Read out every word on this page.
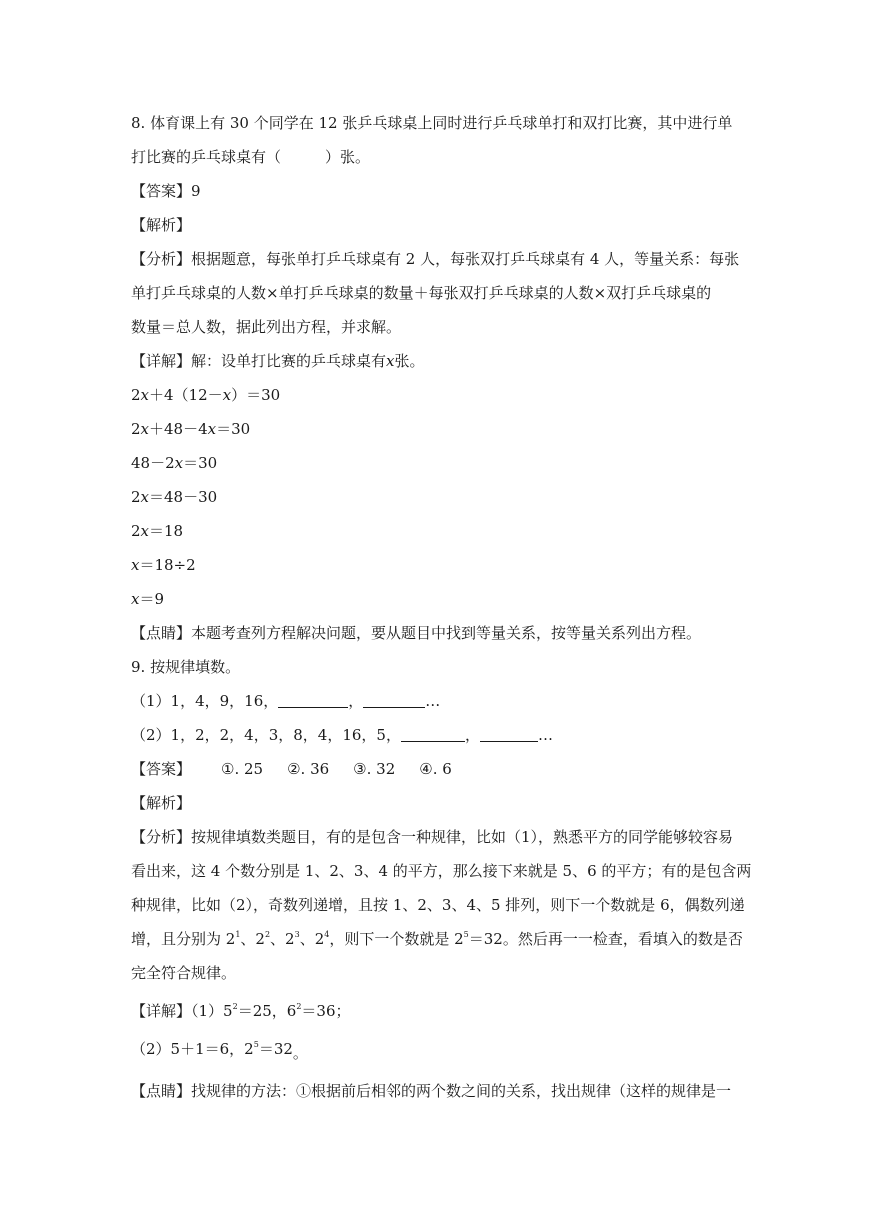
8. 体育课上有 30 个同学在 12 张乒乓球桌上同时进行乒乓球单打和双打比赛，其中进行单
打比赛的乒乓球桌有（	）张。
【答案】9
【解析】
【分析】根据题意，每张单打乒乓球桌有 2 人，每张双打乒乓球桌有 4 人，等量关系：每张
单打乒乓球桌的人数×单打乒乓球桌的数量＋每张双打乒乓球桌的人数×双打乒乓球桌的
数量＝总人数，据此列出方程，并求解。
【详解】解：设单打比赛的乒乓球桌有x张。
2x＋4（12－x）＝30
2x＋48－4x＝30
48－2x＝30
2x＝48－30
2x＝18
x＝18÷2
x＝9
【点睛】本题考查列方程解决问题，要从题目中找到等量关系，按等量关系列出方程。
9. 按规律填数。
（1）1，4，9，16，	，	…
（2）1，2，2，4，3，8，4，16，5，	，	…
【答案】 ①. 25 ②. 36 ③. 32 ④. 6
【解析】
【分析】按规律填数类题目，有的是包含一种规律，比如（1），熟悉平方的同学能够较容易
看出来，这 4 个数分别是 1、2、3、4 的平方，那么接下来就是 5、6 的平方；有的是包含两
种规律，比如（2），奇数列递增，且按 1、2、3、4、5 排列，则下一个数就是 6，偶数列递
增，且分别为 $2^1$、$2^2$、$2^3$、$2^4$，则下一个数就是 $2^5=32$。然后再一一检查，看填入的数是否
完全符合规律。
【详解】$(1)5^2=25$，$6^2=36$；
（2）5＋1＝6，$2^5=32$。
【点睛】找规律的方法：①根据前后相邻的两个数之间的关系，找出规律（这样的规律是一
